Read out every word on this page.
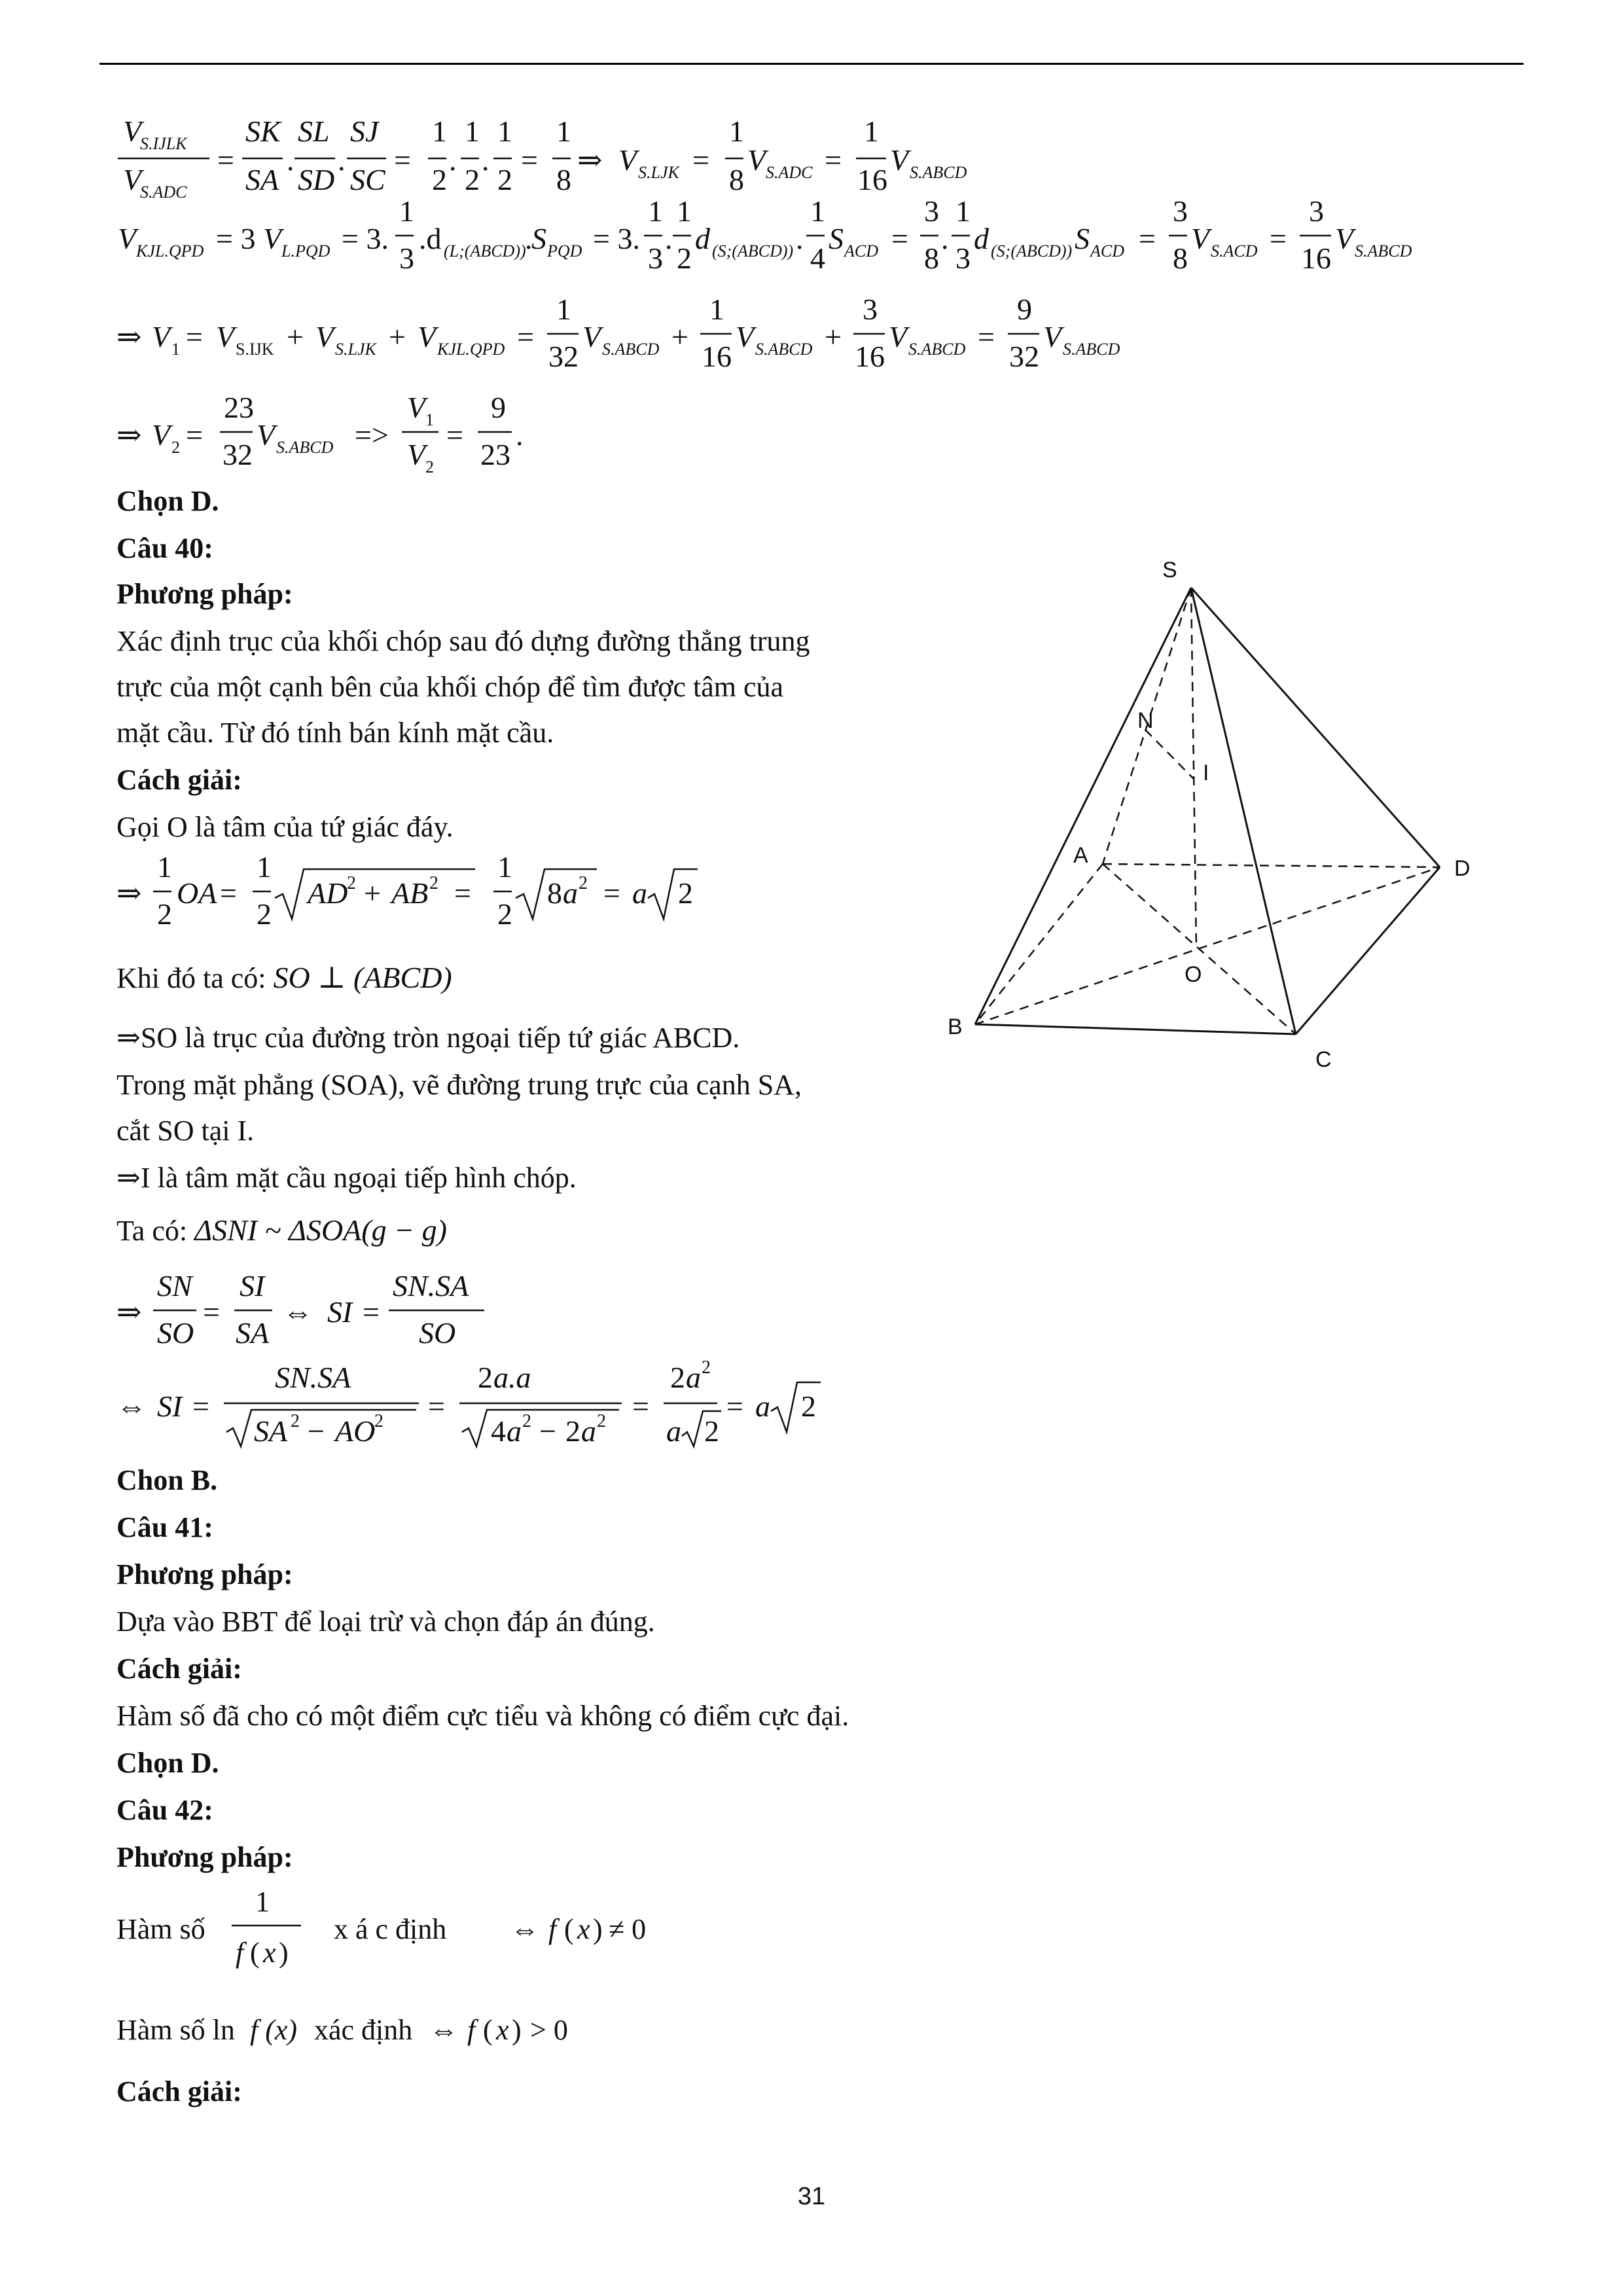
V
S.IJLK
V
S.ADC
=
SK
SA
.
SL
SD
.
SJ
SC
=
1
2
.
1
2
.
1
2
=
1
8
⇒ V S.LJK =
1
8
V S.ADC =
1
16
V S.ABCD
V KJL.QPD = 3 V L.PQD = 3.
1
3
.d (L;(ABCD))
.
S PQD = 3.
1
3
.
1
2
d (S;(ABCD)) .
1
4
S ACD =
3
8
.
1
3
d (S;(ABCD)) S ACD =
3
8
V S.ACD =
3
16
V S.ABCD
⇒ V 1 = V S.IJK + V S.LJK + V KJL.QPD =
1
32
V S.ABCD +
1
16
V S.ABCD +
3
16
V S.ABCD =
9
32
V S.ABCD
⇒ V 2 =
23
32
V S.ABCD =>
V 1
V 2
=
9
23
.
Chọn D.
Câu 40:
Phương pháp:
Xác định trục của khối chóp sau đó dựng đường thẳng trung
trực của một cạnh bên của khối chóp để tìm được tâm của
mặt cầu. Từ đó tính bán kính mặt cầu.
Cách giải:
Gọi O là tâm của tứ giác đáy.
⇒
1
2
OA =
1
2
AD
2 + AB 2 =
1
2
8 a 2 = a 2
Khi đó ta có: SO ⊥ (ABCD)
⇒SO là trục của đường tròn ngoại tiếp tứ giác ABCD.
Trong mặt phẳng (SOA), vẽ đường trung trực của cạnh SA,
cắt SO tại I.
⇒I là tâm mặt cầu ngoại tiếp hình chóp.
Ta có: ΔSNI ~ ΔSOA(g − g)
⇒
SN
SO
=
SI
SA
⇔ SI =
SN.SA
SO
⇔ SI =
SN.SA
SA 2 − AO
2 =
2 a.a
4 a 2 − 2 a 2 =
2 a 2
a 2
= a 2
Chon B.
Câu 41:
Phương pháp:
Dựa vào BBT để loại trừ và chọn đáp án đúng.
Cách giải:
Hàm số đã cho có một điểm cực tiểu và không có điểm cực đại.
Chọn D.
Câu 42:
Phương pháp:
Hàm số
1
f ( x )
x á c định ⇔ f ( x ) ≠ 0
Hàm số ln f (x) xác định ⇔ f ( x ) > 0
Cách giải:
S
N
I
A
D
O
B
C
31
